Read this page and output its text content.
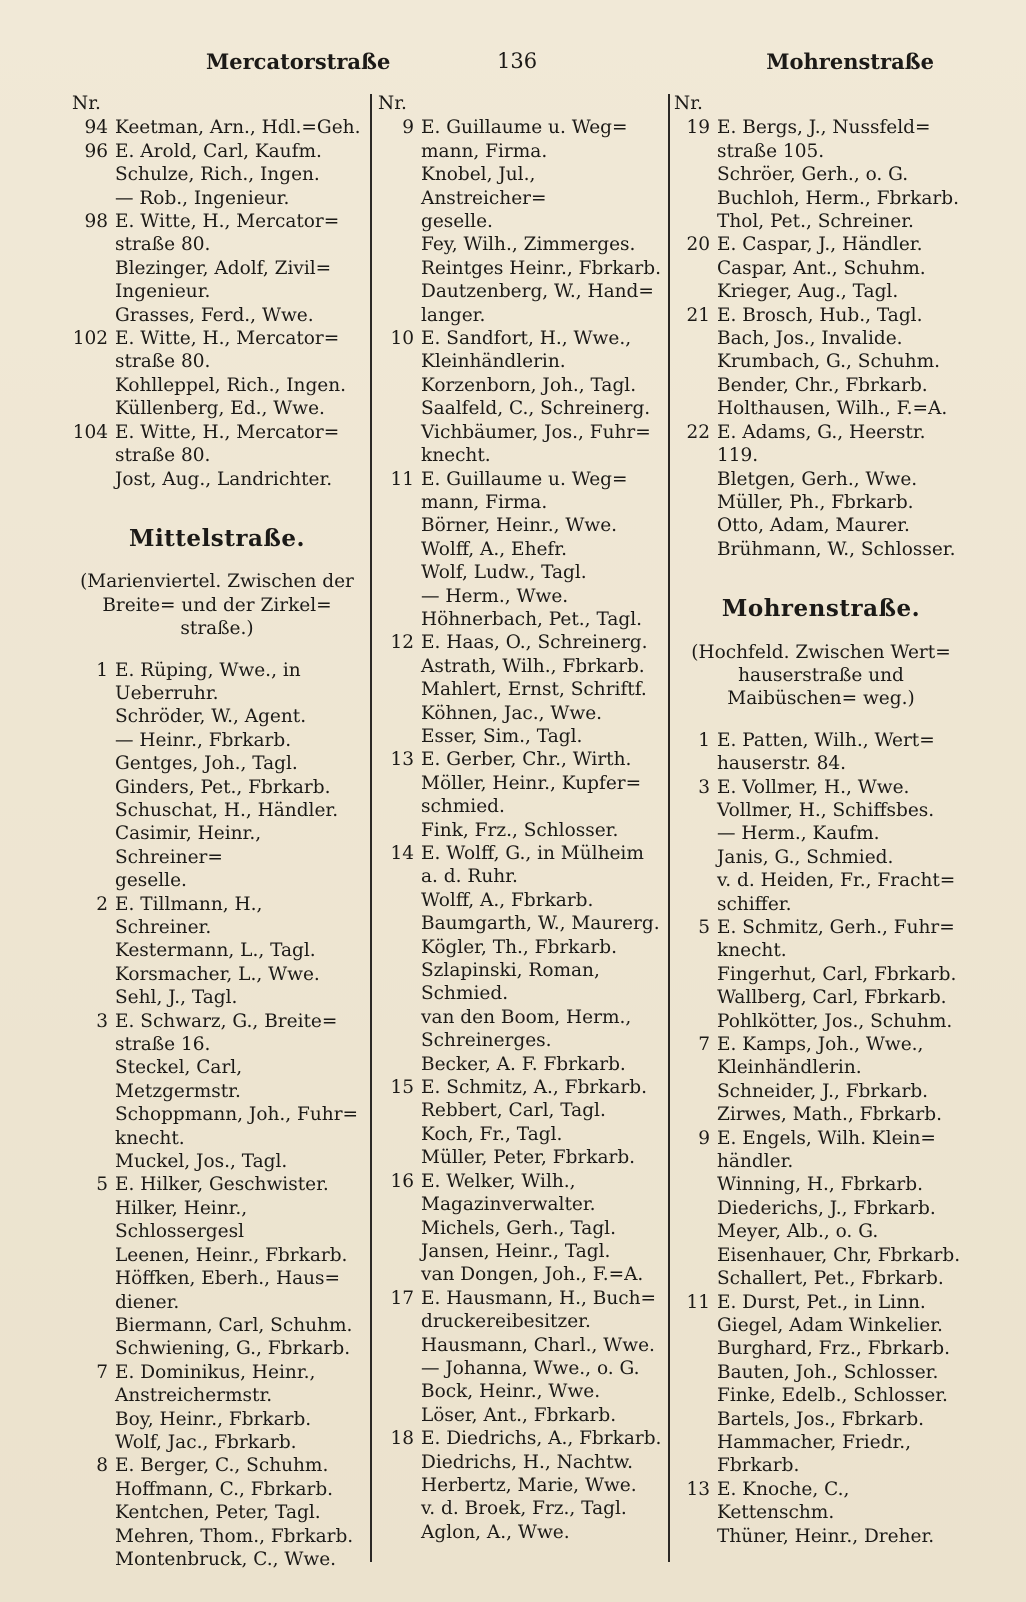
Mercatorstraße	136	Mohrenstraße
Nr.
94 Keetman, Arn., Hdl.=Geh.
96 E. Arold, Carl, Kaufm.
Schulze, Rich., Ingen.
— Rob., Ingenieur.
98 E. Witte, H., Mercator=
straße 80.
Blezinger, Adolf, Zivil=
Ingenieur.
Grasses, Ferd., Wwe.
102 E. Witte, H., Mercator=
straße 80.
Kohlleppel, Rich., Ingen.
Küllenberg, Ed., Wwe.
104 E. Witte, H., Mercator=
straße 80.
Jost, Aug., Landrichter.
Mittelstraße.
(Marienviertel. Zwischen der Breite= und der Zirkel= straße.)
1 E. Rüping, Wwe., in
Ueberruhr.
Schröder, W., Agent.
— Heinr., Fbrkarb.
Gentges, Joh., Tagl.
Ginders, Pet., Fbrkarb.
Schuschat, H., Händler.
Casimir, Heinr., Schreiner=
geselle.
2 E. Tillmann, H., Schreiner.
Kestermann, L., Tagl.
Korsmacher, L., Wwe.
Sehl, J., Tagl.
3 E. Schwarz, G., Breite=
straße 16.
Steckel, Carl, Metzgermstr.
Schoppmann, Joh., Fuhr=
knecht.
Muckel, Jos., Tagl.
5 E. Hilker, Geschwister.
Hilker, Heinr., Schlossergesl
Leenen, Heinr., Fbrkarb.
Höffken, Eberh., Haus=
diener.
Biermann, Carl, Schuhm.
Schwiening, G., Fbrkarb.
7 E. Dominikus, Heinr.,
Anstreichermstr.
Boy, Heinr., Fbrkarb.
Wolf, Jac., Fbrkarb.
8 E. Berger, C., Schuhm.
Hoffmann, C., Fbrkarb.
Kentchen, Peter, Tagl.
Mehren, Thom., Fbrkarb.
Montenbruck, C., Wwe.
Nr.
9 E. Guillaume u. Weg=
mann, Firma.
Knobel, Jul., Anstreicher=
geselle.
Fey, Wilh., Zimmerges.
Reintges Heinr., Fbrkarb.
Dautzenberg, W., Hand=
langer.
10 E. Sandfort, H., Wwe.,
Kleinhändlerin.
Korzenborn, Joh., Tagl.
Saalfeld, C., Schreinerg.
Vichbäumer, Jos., Fuhr=
knecht.
11 E. Guillaume u. Weg=
mann, Firma.
Börner, Heinr., Wwe.
Wolff, A., Ehefr.
Wolf, Ludw., Tagl.
— Herm., Wwe.
Höhnerbach, Pet., Tagl.
12 E. Haas, O., Schreinerg.
Astrath, Wilh., Fbrkarb.
Mahlert, Ernst, Schriftf.
Köhnen, Jac., Wwe.
Esser, Sim., Tagl.
13 E. Gerber, Chr., Wirth.
Möller, Heinr., Kupfer=
schmied.
Fink, Frz., Schlosser.
14 E. Wolff, G., in Mülheim
a. d. Ruhr.
Wolff, A., Fbrkarb.
Baumgarth, W., Maurerg.
Kögler, Th., Fbrkarb.
Szlapinski, Roman,
Schmied.
van den Boom, Herm.,
Schreinerges.
Becker, A. F. Fbrkarb.
15 E. Schmitz, A., Fbrkarb.
Rebbert, Carl, Tagl.
Koch, Fr., Tagl.
Müller, Peter, Fbrkarb.
16 E. Welker, Wilh.,
Magazinverwalter.
Michels, Gerh., Tagl.
Jansen, Heinr., Tagl.
van Dongen, Joh., F.=A.
17 E. Hausmann, H., Buch=
druckereibesitzer.
Hausmann, Charl., Wwe.
— Johanna, Wwe., o. G.
Bock, Heinr., Wwe.
Löser, Ant., Fbrkarb.
18 E. Diedrichs, A., Fbrkarb.
Diedrichs, H., Nachtw.
Herbertz, Marie, Wwe.
v. d. Broek, Frz., Tagl.
Aglon, A., Wwe.
Nr.
19 E. Bergs, J., Nussfeld=
straße 105.
Schröer, Gerh., o. G.
Buchloh, Herm., Fbrkarb.
Thol, Pet., Schreiner.
20 E. Caspar, J., Händler.
Caspar, Ant., Schuhm.
Krieger, Aug., Tagl.
21 E. Brosch, Hub., Tagl.
Bach, Jos., Invalide.
Krumbach, G., Schuhm.
Bender, Chr., Fbrkarb.
Holthausen, Wilh., F.=A.
22 E. Adams, G., Heerstr. 119.
Bletgen, Gerh., Wwe.
Müller, Ph., Fbrkarb.
Otto, Adam, Maurer.
Brühmann, W., Schlosser.
Mohrenstraße.
(Hochfeld. Zwischen Wert= hauserstraße und Maibüschen= weg.)
1 E. Patten, Wilh., Wert=
hauserstr. 84.
3 E. Vollmer, H., Wwe.
Vollmer, H., Schiffsbes.
— Herm., Kaufm.
Janis, G., Schmied.
v. d. Heiden, Fr., Fracht=
schiffer.
5 E. Schmitz, Gerh., Fuhr=
knecht.
Fingerhut, Carl, Fbrkarb.
Wallberg, Carl, Fbrkarb.
Pohlkötter, Jos., Schuhm.
7 E. Kamps, Joh., Wwe.,
Kleinhändlerin.
Schneider, J., Fbrkarb.
Zirwes, Math., Fbrkarb.
9 E. Engels, Wilh. Klein=
händler.
Winning, H., Fbrkarb.
Diederichs, J., Fbrkarb.
Meyer, Alb., o. G.
Eisenhauer, Chr, Fbrkarb.
Schallert, Pet., Fbrkarb.
11 E. Durst, Pet., in Linn.
Giegel, Adam Winkelier.
Burghard, Frz., Fbrkarb.
Bauten, Joh., Schlosser.
Finke, Edelb., Schlosser.
Bartels, Jos., Fbrkarb.
Hammacher, Friedr.,
Fbrkarb.
13 E. Knoche, C., Kettenschm.
Thüner, Heinr., Dreher.
